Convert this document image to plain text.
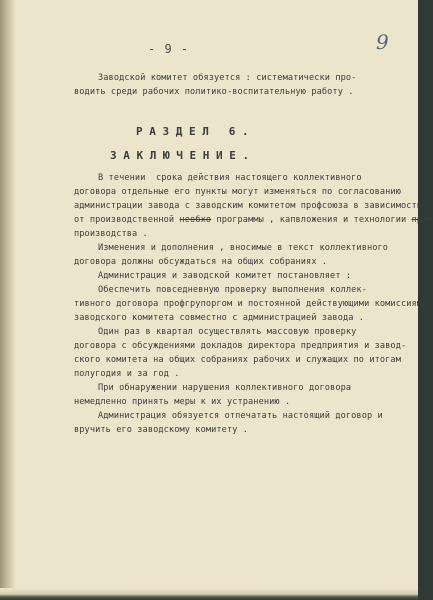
- 9 -	9
Заводской комитет обязуется : систематически про-
водить среди рабочих политико-воспитательную работу .
Р А З Д Е Л   6 .
З А К Л Ю Ч Е Н И Е .
В течении  срока действия настоящего коллективного
договора отдельные его пункты могут изменяться по согласованию
администрации завода с заводским комитетом профсоюза в зависимости
от производственной необхо программы , капвложения и технологии прои
производства .
Изменения и дополнения , вносимые в текст коллективного
договора должны обсуждаться на общих собраниях .
Администрация и заводской комитет постановляет :
Обеспечить повседневную проверку выполнения коллек-
тивного договора профгрупоргом и постоянной действующими комиссиями
заводского комитета совместно с администрацией завода .
Один раз в квартал осуществлять массовую проверку
договора с обсуждениями докладов директора предприятия и завод-
ского комитета на общих собраниях рабочих и служащих по итогам
полугодия и за год .
При обнаружении нарушения коллективного договора
немедленно принять меры к их устранению .
Администрация обязуется отпечатать настоящий договор и
вручить его заводскому комитету .
